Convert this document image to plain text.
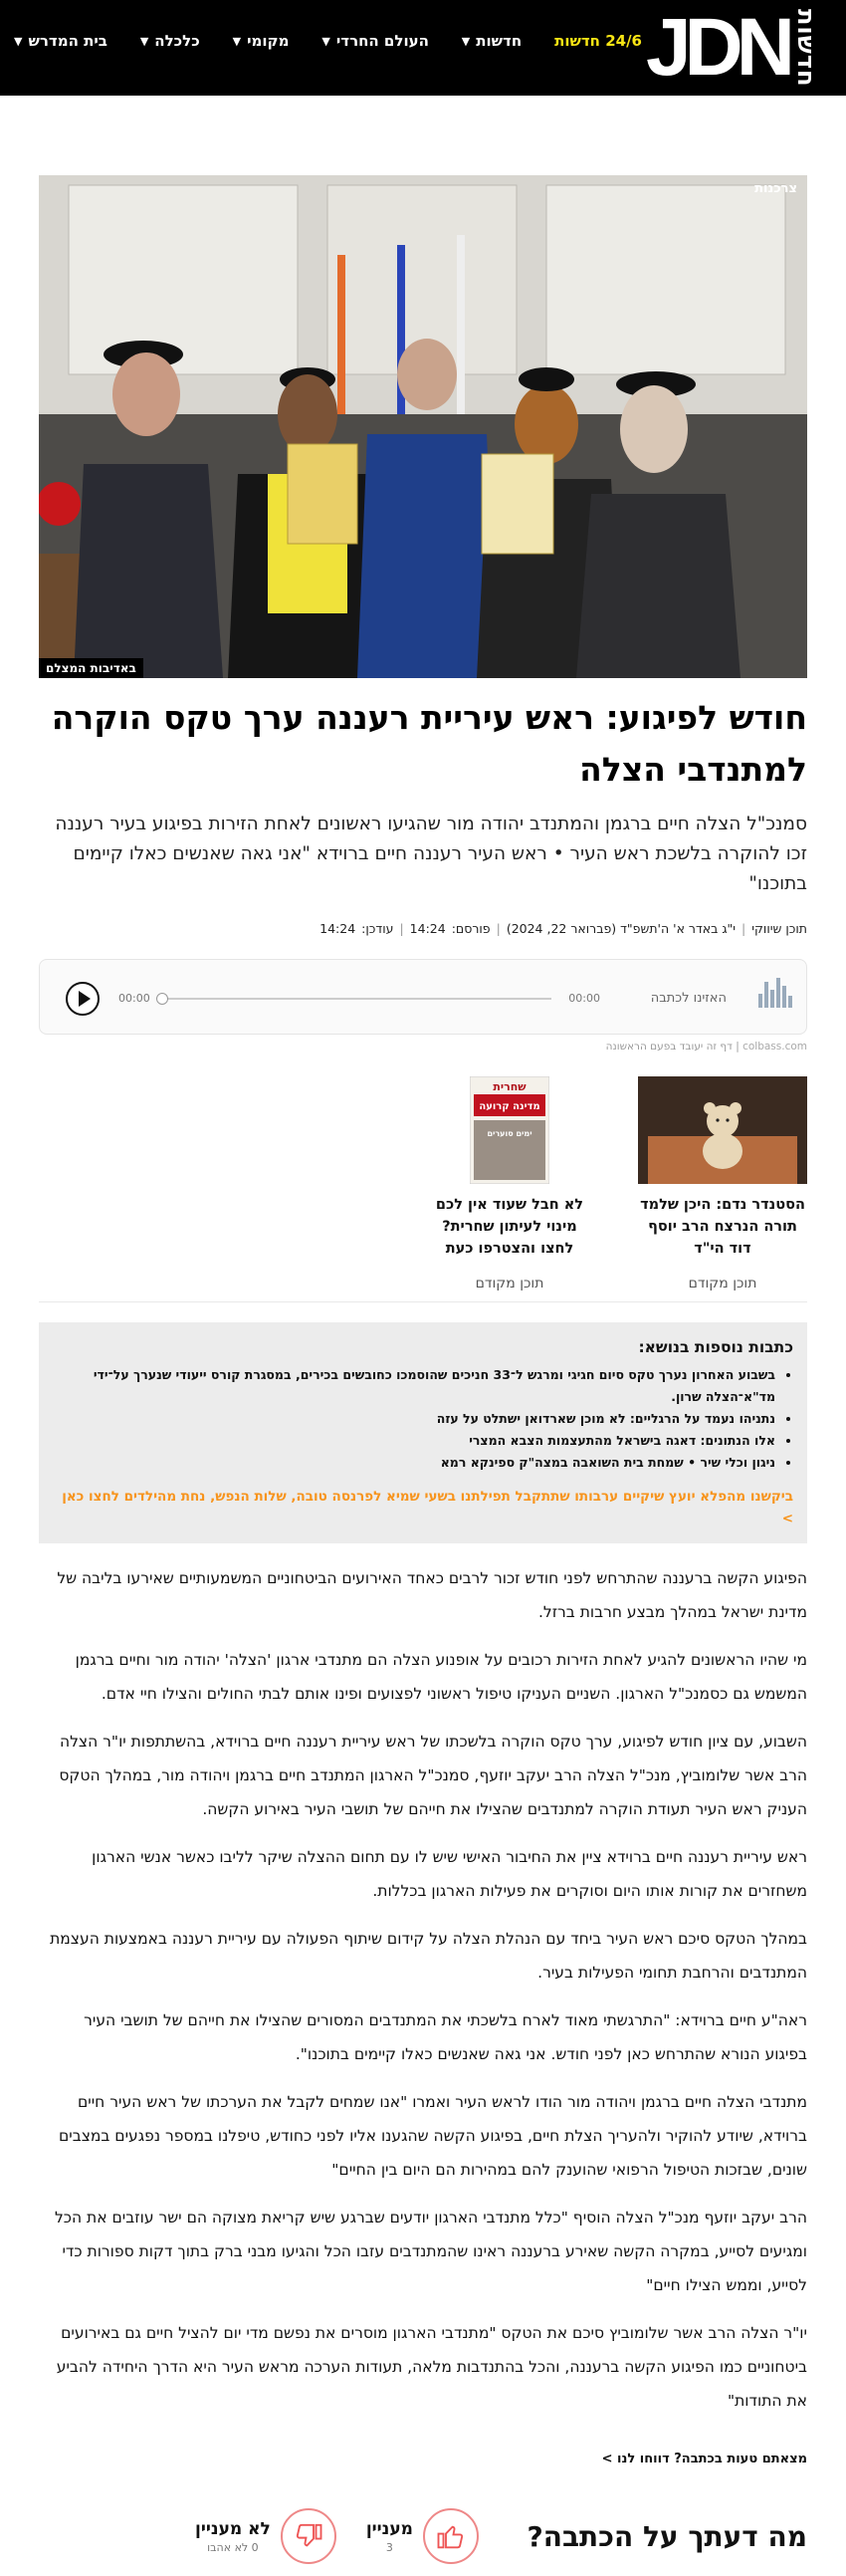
חדשות
JDN
24/6 חדשות
חדשות
▼
העולם החרדי
▼
מקומי
▼
כלכלה
▼
בית המדרש
▼
צרכנות
באדיבות המצלם
חודש לפיגוע: ראש עיריית רעננה ערך טקס הוקרה למתנדבי הצלה

סמנכ"ל הצלה חיים ברגמן והמתנדב יהודה מור שהגיעו ראשונים לאחת הזירות בפיגוע בעיר רעננה זכו להוקרה בלשכת ראש העיר • ראש העיר רעננה חיים ברוידא "אני גאה שאנשים כאלו קיימים בתוכנו"

תוכן שיווקי
|
י"ג באדר א' ה'תשפ"ד (פברואר 22, 2024)
|
פורסם:
14:24
|
עודכן:
14:24
האזינו לכתבה
00:00
00:00
colbass.com | דף זה יעובד בפעם הראשונה
הסטנדר נדם: היכן שלמד תורה הנרצח הרב יוסף דוד הי"ד
תוכן מקודם
שחרית
מדינה קרועה
ימים סוערים
לא חבל שעוד אין לכם מינוי לעיתון שחרית? לחצו והצטרפו כעת
תוכן מקודם
כתבות נוספות בנושא:
• בשבוע האחרון נערך טקס סיום חגיגי ומרגש ל־33 חניכים שהוסמכו כחובשים בכירים, במסגרת קורס ייעודי שנערך על־ידי מד"א־הצלה שרון.
• נתניהו נעמד על הרגליים: לא מוכן שארדואן ישתלט על עזה
• אלו הנתונים: דאגה בישראל מהתעצמות הצבא המצרי
• ניגון וכלי שיר • שמחת בית השואבה במצה"ק ספינקא רמא

ביקשנו מהפלא יועץ שיקיים ערבותו שתתקבל תפילתנו בשעי שמיא לפרנסה טובה, שלות הנפש, נחת מהילדים לחצו כאן >

הפיגוע הקשה ברעננה שהתרחש לפני חודש זכור לרבים כאחד האירועים הביטחוניים המשמעותיים שאירעו בליבה של מדינת ישראל במהלך מבצע חרבות ברזל.

מי שהיו הראשונים להגיע לאחת הזירות רכובים על אופנוע הצלה הם מתנדבי ארגון 'הצלה' יהודה מור וחיים ברגמן המשמש גם כסמנכ"ל הארגון. השניים העניקו טיפול ראשוני לפצועים ופינו אותם לבתי החולים והצילו חיי אדם.

השבוע, עם ציון חודש לפיגוע, ערך טקס הוקרה בלשכתו של ראש עיריית רעננה חיים ברוידא, בהשתתפות יו"ר הצלה הרב אשר שלומוביץ, מנכ"ל הצלה הרב יעקב יוזעף, סמנכ"ל הארגון המתנדב חיים ברגמן ויהודה מור, במהלך הטקס העניק ראש העיר תעודת הוקרה למתנדבים שהצילו את חייהם של תושבי העיר באירוע הקשה.

ראש עיריית רעננה חיים ברוידא ציין את החיבור האישי שיש לו עם תחום ההצלה שיקר לליבו כאשר אנשי הארגון משחזרים את קורות אותו היום וסוקרים את פעילות הארגון בכללות.

במהלך הטקס סיכם ראש העיר ביחד עם הנהלת הצלה על קידום שיתוף הפעולה עם עיריית רעננה באמצעות העצמת המתנדבים והרחבת תחומי הפעילות בעיר.

ראה"ע חיים ברוידא: "התרגשתי מאוד לארח בלשכתי את המתנדבים המסורים שהצילו את חייהם של תושבי העיר בפיגוע הנורא שהתרחש כאן לפני חודש. אני גאה שאנשים כאלו קיימים בתוכנו".

מתנדבי הצלה חיים ברגמן ויהודה מור הודו לראש העיר ואמרו "אנו שמחים לקבל את הערכתו של ראש העיר חיים ברוידא, שיודע להוקיר ולהעריך הצלת חיים, בפיגוע הקשה שהגענו אליו לפני כחודש, טיפלנו במספר נפגעים במצבים שונים, שבזכות הטיפול הרפואי שהוענק להם במהירות הם היום בין החיים"

הרב יעקב יוזעף מנכ"ל הצלה הוסיף "כלל מתנדבי הארגון יודעים שברגע שיש קריאת מצוקה הם ישר עוזבים את הכל ומגיעים לסייע, במקרה הקשה שאירע ברעננה ראינו שהמתנדבים עזבו הכל והגיעו מבני ברק בתוך דקות ספורות כדי לסייע, וממש הצילו חיים"

יו"ר הצלה הרב אשר שלומוביץ סיכם את הטקס "מתנדבי הארגון מוסרים את נפשם מדי יום להציל חיים גם באירועים ביטחוניים כמו הפיגוע הקשה ברעננה, והכל בהתנדבות מלאה, תעודות הערכה מראש העיר היא הדרך היחידה להביע את התודות"

מצאתם טעות בכתבה? דווחו לנו >
מה דעתך על הכתבה?
מעניין
3
לא מעניין
0 לא אהבו
